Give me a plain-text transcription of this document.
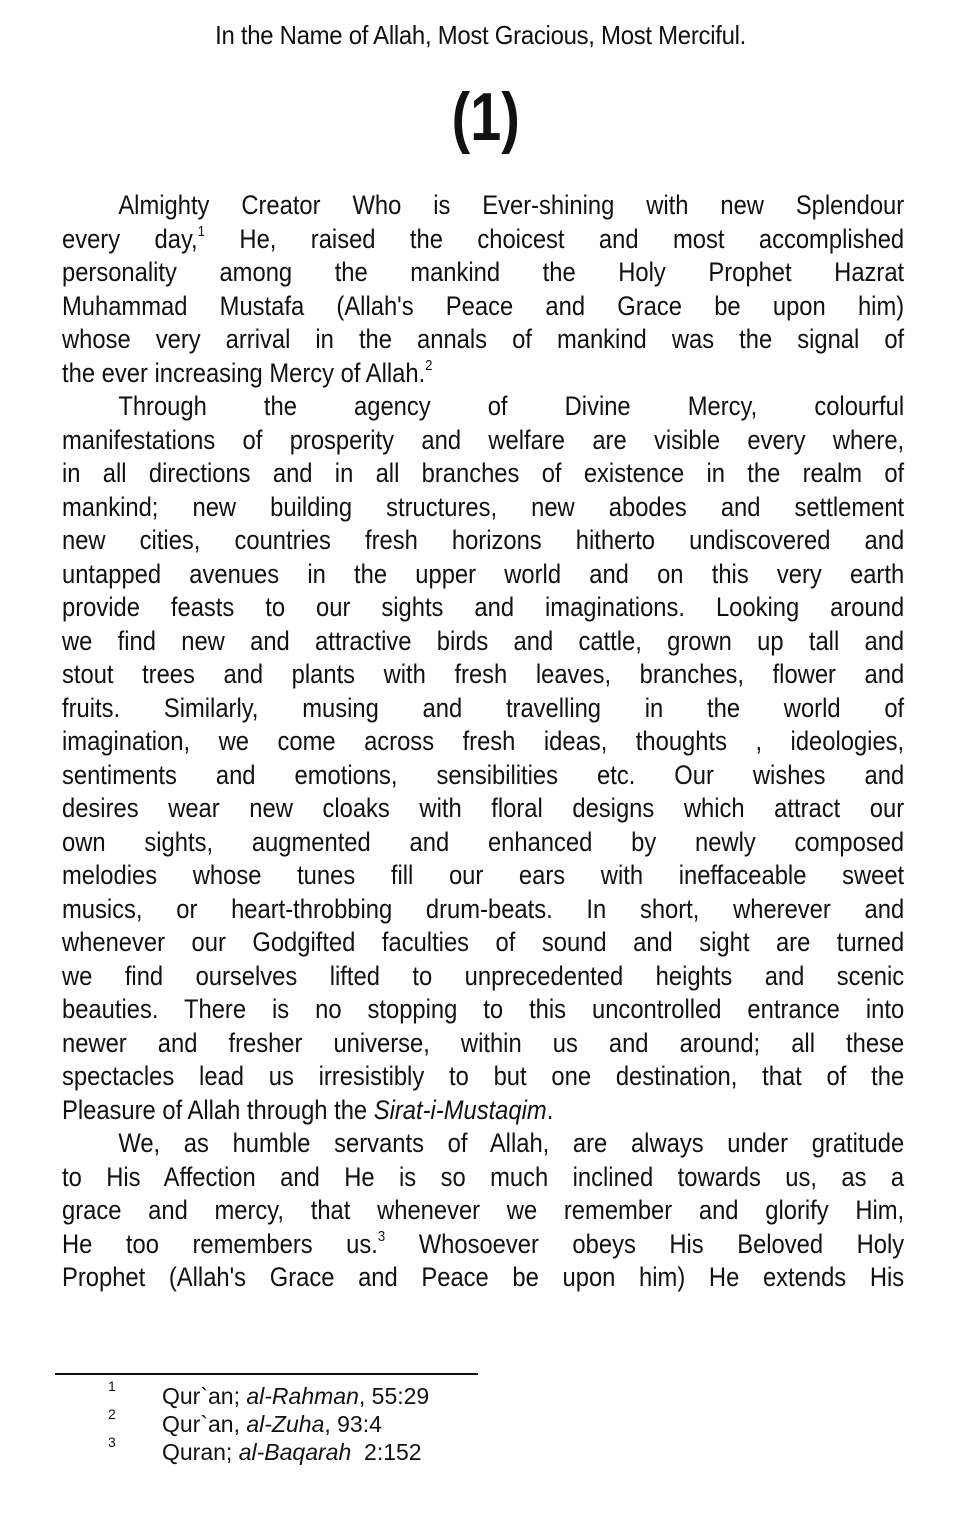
In the Name of Allah, Most Gracious, Most Merciful.
(1)
Almighty Creator Who is Ever-shining with new Splendour
every day,$^1$ He, raised the choicest and most accomplished
personality among the mankind the Holy Prophet Hazrat
Muhammad Mustafa (Allah's Peace and Grace be upon him)
whose very arrival in the annals of mankind was the signal of
the ever increasing Mercy of Allah.$^2$
Through the agency of Divine Mercy, colourful
manifestations of prosperity and welfare are visible every where,
in all directions and in all branches of existence in the realm of
mankind; new building structures, new abodes and settlement
new cities, countries fresh horizons hitherto undiscovered and
untapped avenues in the upper world and on this very earth
provide feasts to our sights and imaginations. Looking around
we find new and attractive birds and cattle, grown up tall and
stout trees and plants with fresh leaves, branches, flower and
fruits. Similarly, musing and travelling in the world of
imagination, we come across fresh ideas, thoughts , ideologies,
sentiments and emotions, sensibilities etc. Our wishes and
desires wear new cloaks with floral designs which attract our
own sights, augmented and enhanced by newly composed
melodies whose tunes fill our ears with ineffaceable sweet
musics, or heart-throbbing drum-beats. In short, wherever and
whenever our Godgifted faculties of sound and sight are turned
we find ourselves lifted to unprecedented heights and scenic
beauties. There is no stopping to this uncontrolled entrance into
newer and fresher universe, within us and around; all these
spectacles lead us irresistibly to but one destination, that of the
Pleasure of Allah through the Sirat-i-Mustaqim.
We, as humble servants of Allah, are always under gratitude
to His Affection and He is so much inclined towards us, as a
grace and mercy, that whenever we remember and glorify Him,
He too remembers us.$^3$ Whosoever obeys His Beloved Holy
Prophet (Allah's Grace and Peace be upon him) He extends His
1 Qur`an; al-Rahman, 55:29
2 Qur`an, al-Zuha, 93:4
3 Quran; al-Baqarah  2:152
